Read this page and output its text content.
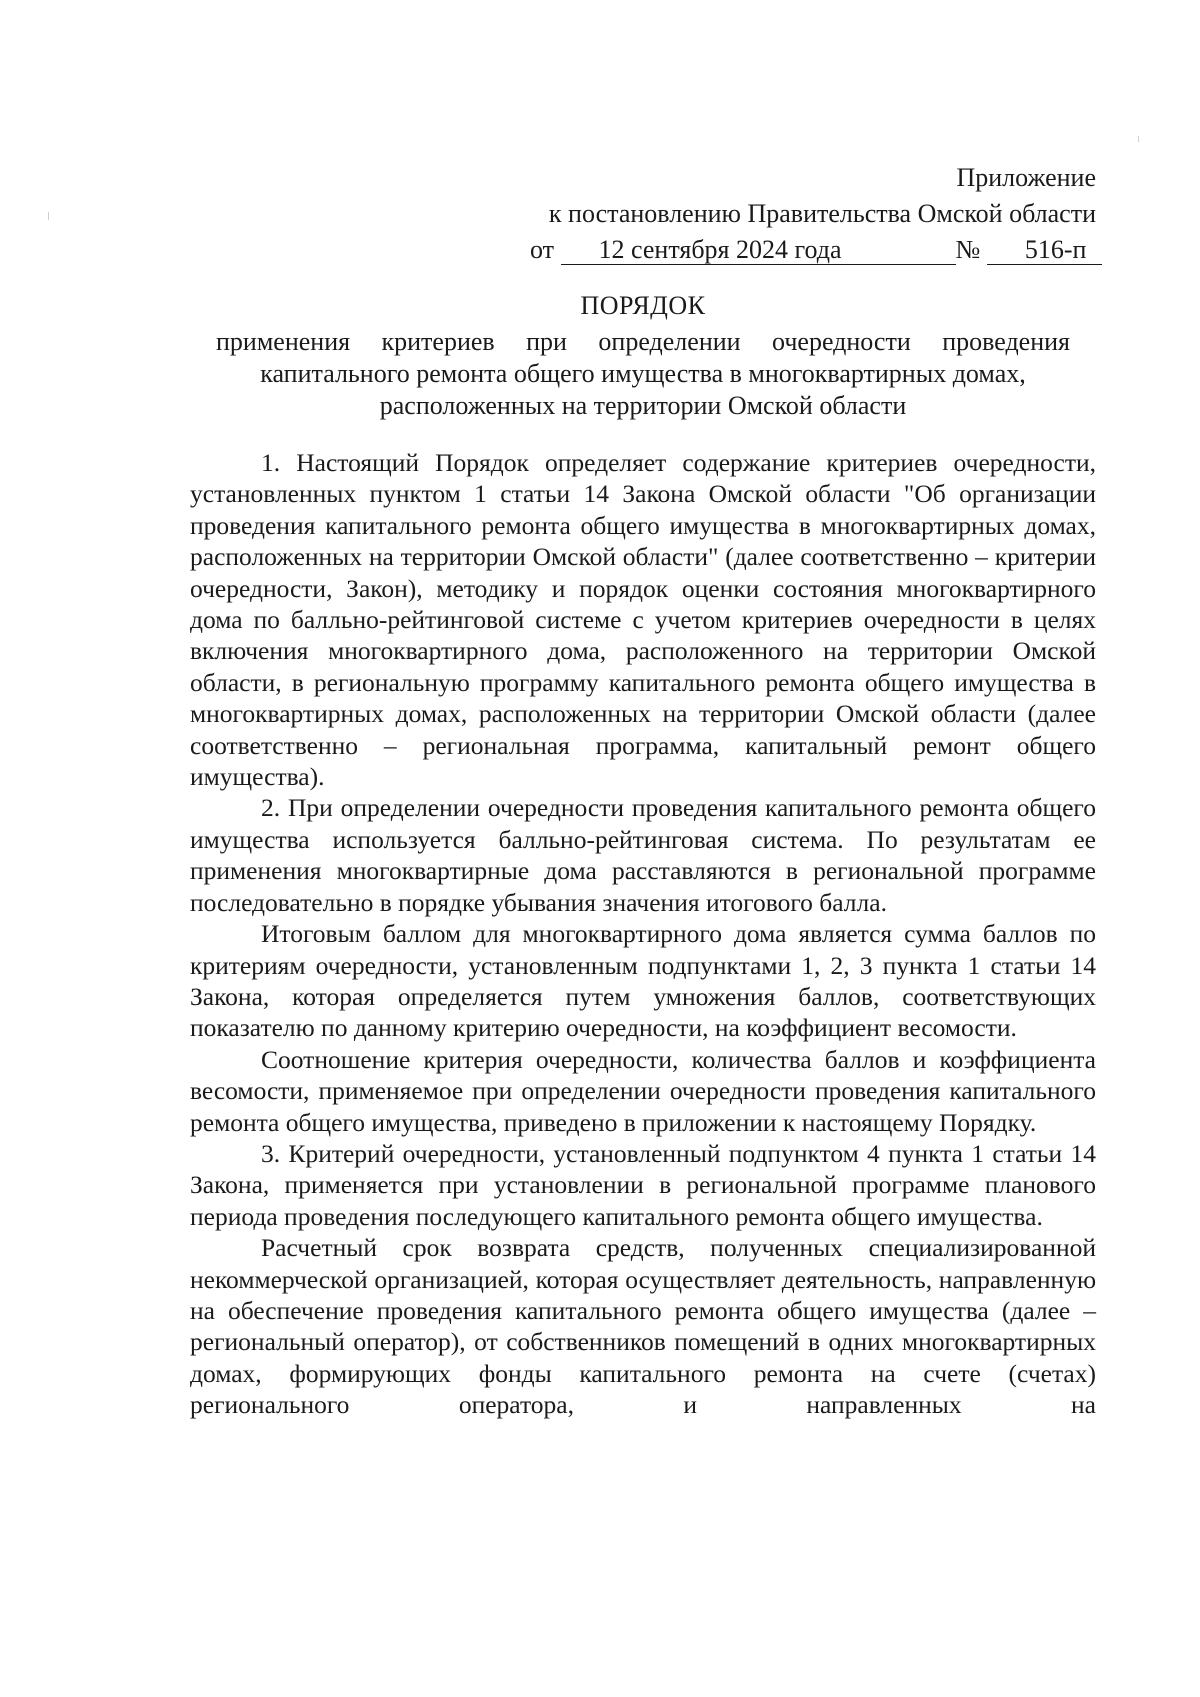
Приложение
к постановлению Правительства Омской области
от 12 сентября 2024 года	№ 516-п
ПОРЯДОК
применения критериев при определении очередности проведения
капитального ремонта общего имущества в многоквартирных домах,
расположенных на территории Омской области

1. Настоящий Порядок определяет содержание критериев очередности, установленных пунктом 1 статьи 14 Закона Омской области "Об организации проведения капитального ремонта общего имущества в многоквартирных домах, расположенных на территории Омской области" (далее соответственно – критерии очередности, Закон), методику и порядок оценки состояния многоквартирного дома по балльно-рейтинговой системе с учетом критериев очередности в целях включения многоквартирного дома, расположенного на территории Омской области, в региональную программу капитального ремонта общего имущества в многоквартирных домах, расположенных на территории Омской области (далее соответственно – региональная программа, капитальный ремонт общего имущества).

2. При определении очередности проведения капитального ремонта общего имущества используется балльно-рейтинговая система. По результатам ее применения многоквартирные дома расставляются в региональной программе последовательно в порядке убывания значения итогового балла.

Итоговым баллом для многоквартирного дома является сумма баллов по критериям очередности, установленным подпунктами 1, 2, 3 пункта 1 статьи 14 Закона, которая определяется путем умножения баллов, соответствующих показателю по данному критерию очередности, на коэффициент весомости.

Соотношение критерия очередности, количества баллов и коэффициента весомости, применяемое при определении очередности проведения капитального ремонта общего имущества, приведено в приложении к настоящему Порядку.

3. Критерий очередности, установленный подпунктом 4 пункта 1 статьи 14 Закона, применяется при установлении в региональной программе планового периода проведения последующего капитального ремонта общего имущества.

Расчетный срок возврата средств, полученных специализированной некоммерческой организацией, которая осуществляет деятельность, направленную на обеспечение проведения капитального ремонта общего имущества (далее – региональный оператор), от собственников помещений в одних многоквартирных домах, формирующих фонды капитального ремонта на счете (счетах) регионального оператора, и направленных на
